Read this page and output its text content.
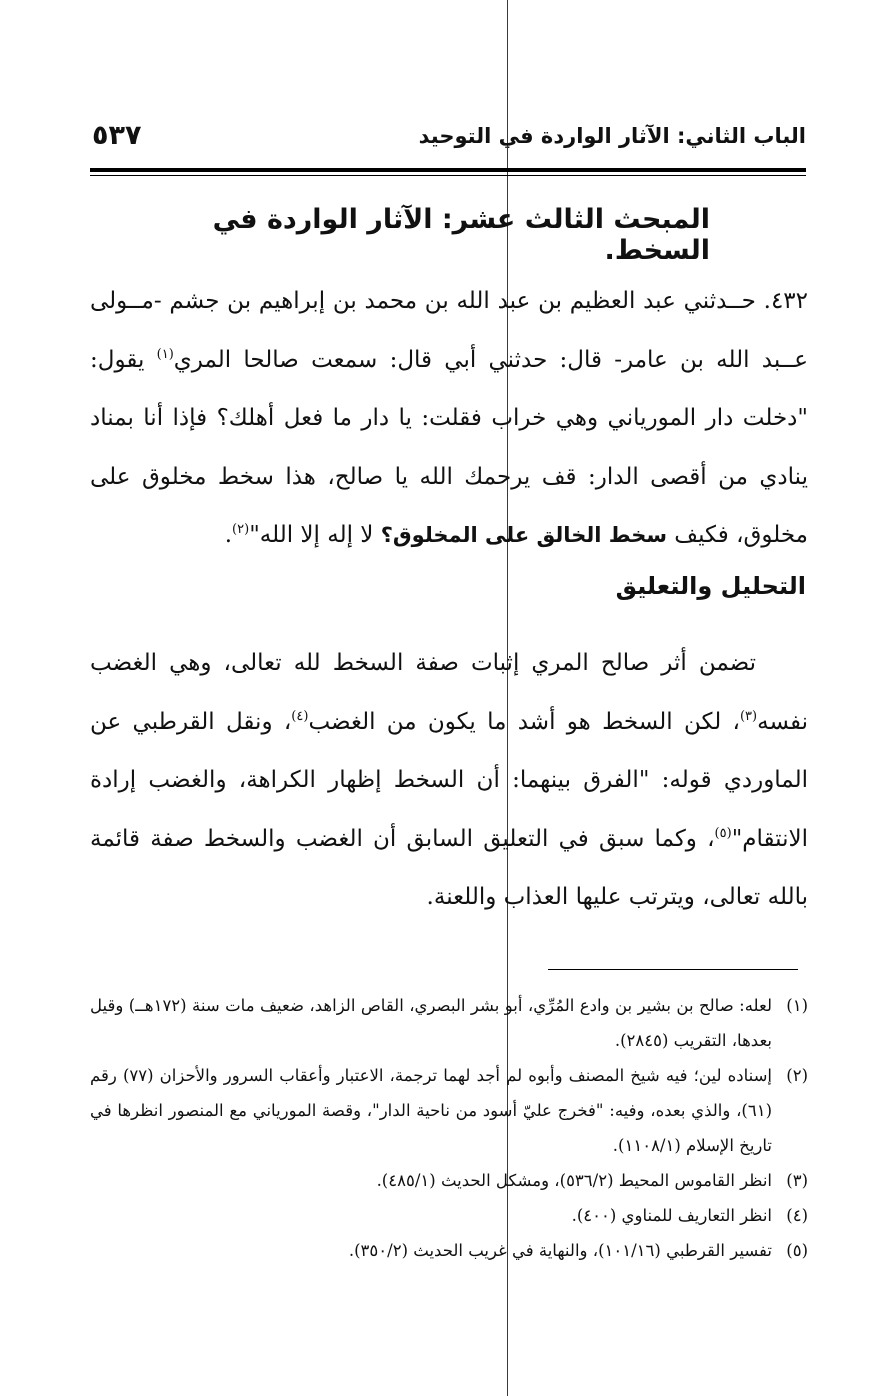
الباب الثاني: الآثار الواردة في التوحيد
٥٣٧
المبحث الثالث عشر: الآثار الواردة في السخط.
٤٣٢. حــدثني عبد العظيم بن عبد الله بن محمد بن إبراهيم بن جشم -مــولى عــبد الله بن عامر- قال: حدثني أبي قال: سمعت صالحا المري$^{(١)}$ يقول: "دخلت دار الموریاني وهي خراب فقلت: يا دار ما فعل أهلك؟ فإذا أنا بمناد ينادي من أقصى الدار: قف يرحمك الله يا صالح، هذا سخط مخلوق على مخلوق، فكيف سخط الخالق على المخلوق؟ لا إله إلا الله"$^{(٢)}$.
التحليل والتعليق
تضمن أثر صالح المري إثبات صفة السخط لله تعالى، وهي الغضب نفسه$^{(٣)}$، لكن السخط هو أشد ما يكون من الغضب$^{(٤)}$، ونقل القرطبي عن الماوردي قوله: "الفرق بينهما: أن السخط إظهار الكراهة، والغضب إرادة الانتقام"$^{(٥)}$، وكما سبق في التعليق السابق أن الغضب والسخط صفة قائمة بالله تعالى، ويترتب عليها العذاب واللعنة.
(١)
لعله: صالح بن بشير بن وادع المُرِّي، أبو بشر البصري، القاص الزاهد، ضعيف مات سنة (١٧٢هــ) وقيل بعدها، التقريب (٢٨٤٥).
(٢)
إسناده لين؛ فيه شيخ المصنف وأبوه لم أجد لهما ترجمة، الاعتبار وأعقاب السرور والأحزان (٧٧) رقم (٦١)، والذي بعده، وفيه: "فخرج عليّ أسود من ناحية الدار"، وقصة الموریاني مع المنصور انظرها في تاريخ الإسلام (١١٠٨/١).
(٣)
انظر القاموس المحيط (٥٣٦/٢)، ومشكل الحديث (٤٨٥/١).
(٤)
انظر التعاريف للمناوي (٤٠٠).
(٥)
تفسير القرطبي (١٠١/١٦)، والنهاية في غريب الحديث (٣٥٠/٢).
